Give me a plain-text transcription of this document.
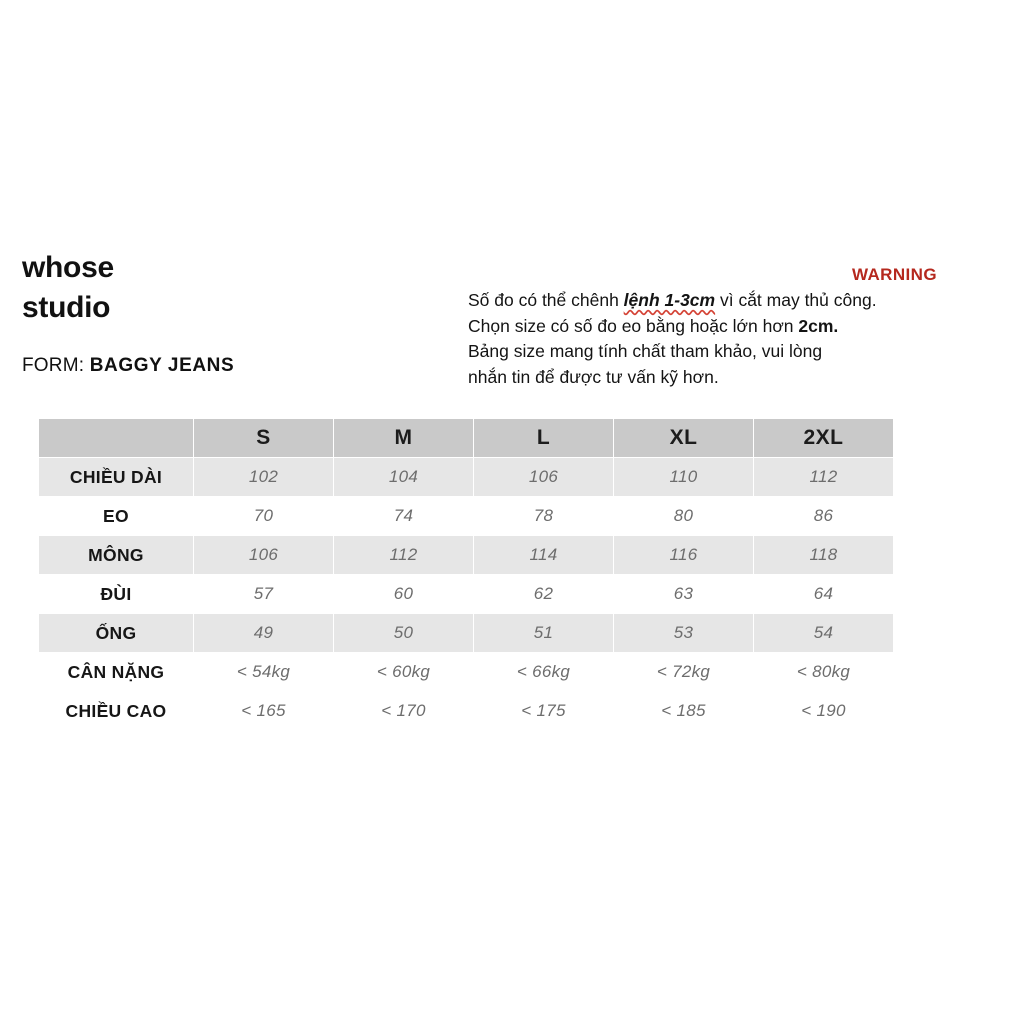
whose
studio
FORM: BAGGY JEANS
WARNING

Số đo có thể chênh lệnh 1-3cm vì cắt may thủ công.

Chọn size có số đo eo bằng hoặc lớn hơn 2cm.

Bảng size mang tính chất tham khảo, vui lòng

nhắn tin để được tư vấn kỹ hơn.

	S	M	L	XL	2XL
CHIỀU DÀI	102	104	106	110	112
EO	70	74	78	80	86
MÔNG	106	112	114	116	118
ĐÙI	57	60	62	63	64
ỐNG	49	50	51	53	54
CÂN NẶNG	< 54kg	< 60kg	< 66kg	< 72kg	< 80kg
CHIỀU CAO	< 165	< 170	< 175	< 185	< 190
